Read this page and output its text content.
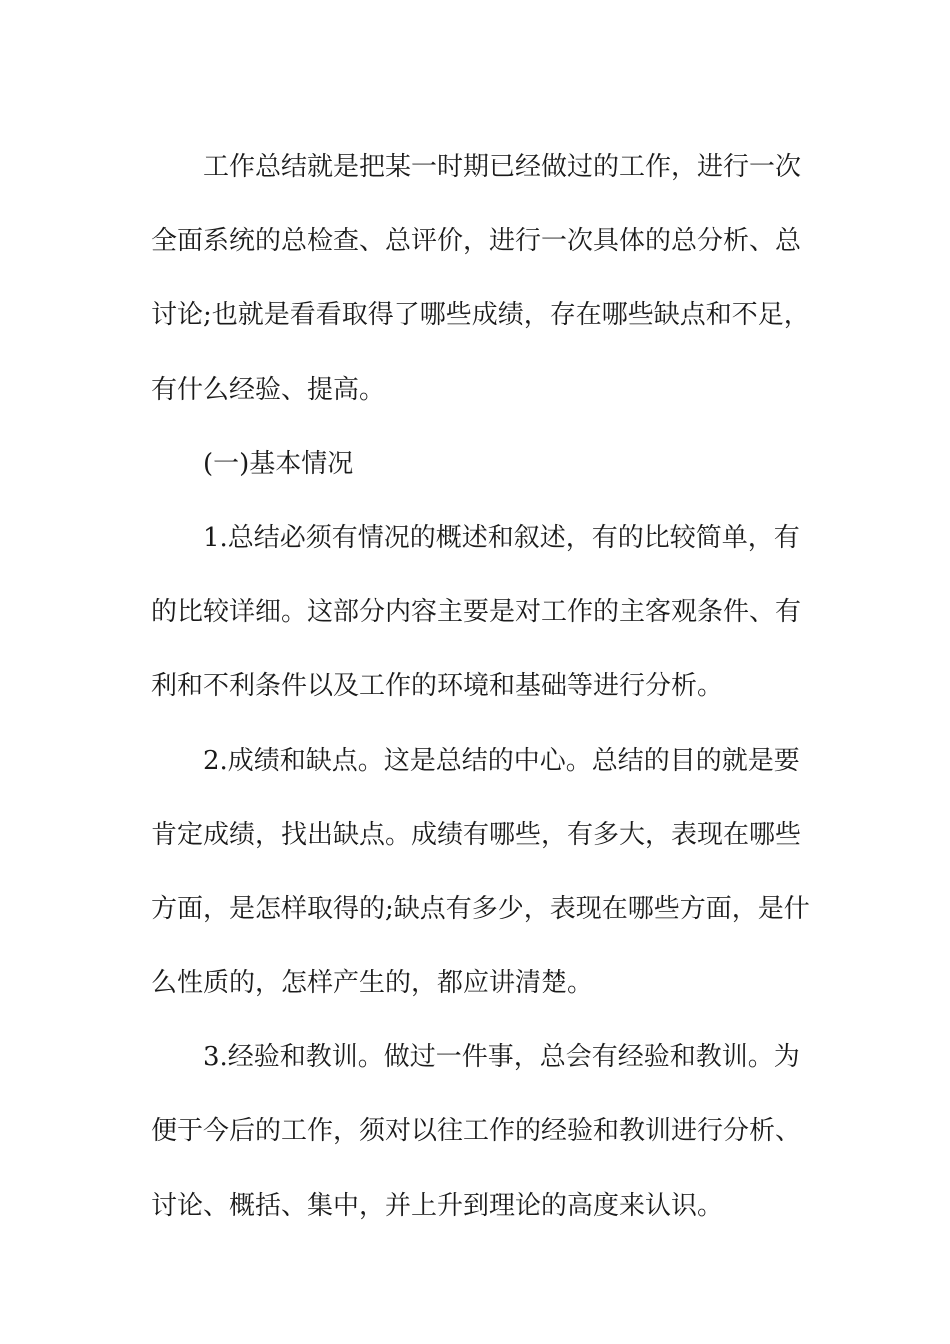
工作总结就是把某一时期已经做过的工作，进行一次
全面系统的总检查、总评价，进行一次具体的总分析、总
讨论;也就是看看取得了哪些成绩，存在哪些缺点和不足，
有什么经验、提高。
(一)基本情况
1.总结必须有情况的概述和叙述，有的比较简单，有
的比较详细。这部分内容主要是对工作的主客观条件、有
利和不利条件以及工作的环境和基础等进行分析。
2.成绩和缺点。这是总结的中心。总结的目的就是要
肯定成绩，找出缺点。成绩有哪些，有多大，表现在哪些
方面，是怎样取得的;缺点有多少，表现在哪些方面，是什
么性质的，怎样产生的，都应讲清楚。
3.经验和教训。做过一件事，总会有经验和教训。为
便于今后的工作，须对以往工作的经验和教训进行分析、
讨论、概括、集中，并上升到理论的高度来认识。
